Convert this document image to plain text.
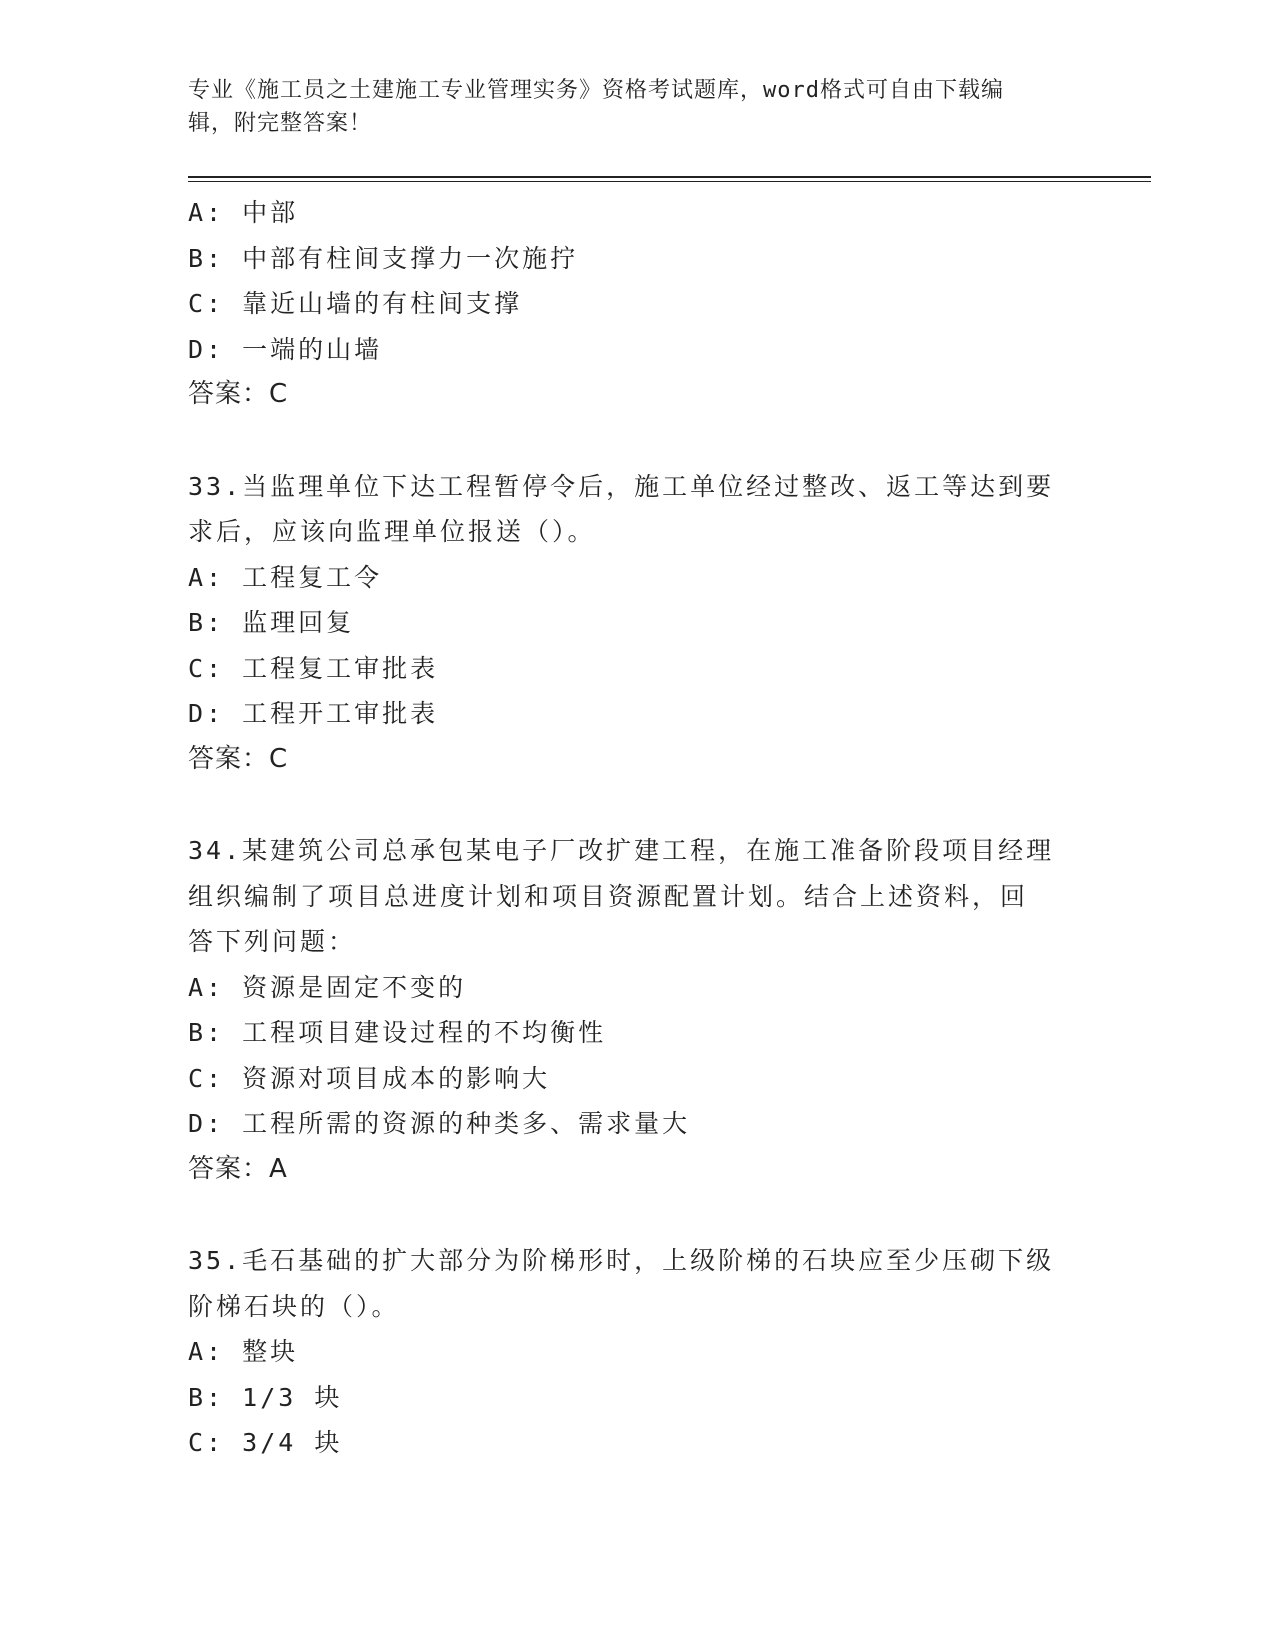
专业《施工员之土建施工专业管理实务》资格考试题库，word格式可自由下载编
辑，附完整答案！
A: 中部
B: 中部有柱间支撑力一次施拧
C: 靠近山墙的有柱间支撑
D: 一端的山墙
答案：C
33.当监理单位下达工程暂停令后，施工单位经过整改、返工等达到要
求后，应该向监理单位报送（）。
A: 工程复工令
B: 监理回复
C: 工程复工审批表
D: 工程开工审批表
答案：C
34.某建筑公司总承包某电子厂改扩建工程，在施工准备阶段项目经理
组织编制了项目总进度计划和项目资源配置计划。结合上述资料，回
答下列问题：
A: 资源是固定不变的
B: 工程项目建设过程的不均衡性
C: 资源对项目成本的影响大
D: 工程所需的资源的种类多、需求量大
答案：A
35.毛石基础的扩大部分为阶梯形时，上级阶梯的石块应至少压砌下级
阶梯石块的（）。
A: 整块
B: 1/3 块
C: 3/4 块
